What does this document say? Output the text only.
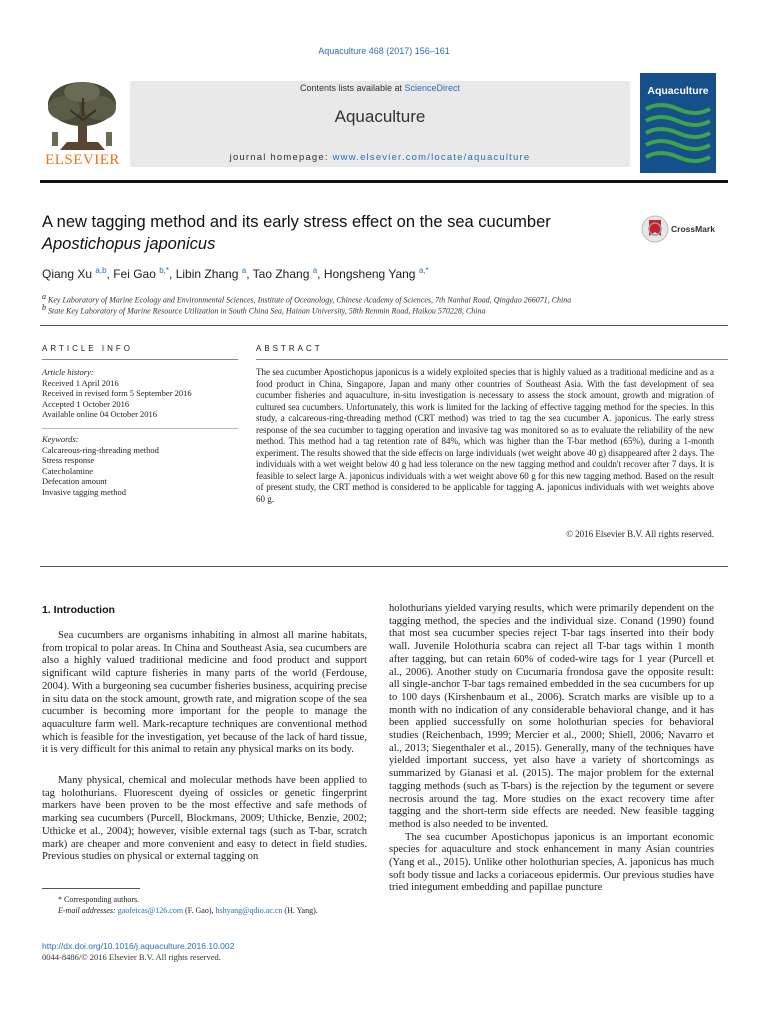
Aquaculture 468 (2017) 156–161
ELSEVIER
Contents lists available at ScienceDirect
Aquaculture
journal homepage: www.elsevier.com/locate/aquaculture
Aquaculture
A new tagging method and its early stress effect on the sea cucumber
Apostichopus japonicus
CrossMark
Qiang Xu $^{a,b}$, Fei Gao $^{b,*}$, Libin Zhang $^a$, Tao Zhang $^a$, Hongsheng Yang $^{a,*}$
$^a$ Key Laboratory of Marine Ecology and Environmental Sciences, Institute of Oceanology, Chinese Academy of Sciences, 7th Nanhai Road, Qingdao 266071, China
$^b$ State Key Laboratory of Marine Resource Utilization in South China Sea, Hainan University, 58th Renmin Road, Haikou 570228, China
ARTICLE INFO	ABSTRACT
Article history:
Received 1 April 2016
Received in revised form 5 September 2016
Accepted 1 October 2016
Available online 04 October 2016
Keywords:
Calcareous-ring-threading method
Stress response
Catecholamine
Defecation amount
Invasive tagging method
The sea cucumber Apostichopus japonicus is a widely exploited species that is highly valued as a traditional medicine and as a food product in China, Singapore, Japan and many other countries of Southeast Asia. With the fast development of sea cucumber fisheries and aquaculture, in-situ investigation is necessary to assess the stock amount, growth and migration of cultured sea cucumbers. Unfortunately, this work is limited for the lacking of effective tagging method for the species. In this study, a calcareous-ring-threading method (CRT method) was tried to tag the sea cucumber A. japonicus. The early stress response of the sea cucumber to tagging operation and invasive tag was monitored so as to evaluate the reliability of the new method. This method had a tag retention rate of 84%, which was higher than the T-bar method (65%), during a 1-month experiment. The results showed that the side effects on large individuals (wet weight above 40 g) disappeared after 2 days. The individuals with a wet weight below 40 g had less tolerance on the new tagging method and couldn't recover after 7 days. It is feasible to select large A. japonicus individuals with a wet weight above 60 g for this new tagging method. Based on the result of present study, the CRT method is considered to be applicable for tagging A. japonicus individuals with wet weights above 60 g.
© 2016 Elsevier B.V. All rights reserved.
1. Introduction

Sea cucumbers are organisms inhabiting in almost all marine habitats, from tropical to polar areas. In China and Southeast Asia, sea cucumbers are also a highly valued traditional medicine and food product and support significant wild capture fisheries in many parts of the world (Ferdouse, 2004). With a burgeoning sea cucumber fisheries business, acquiring precise in situ data on the stock amount, growth rate, and migration scope of the sea cucumber is becoming more important for the people to manage the aquaculture farm well. Mark-recapture techniques are conventional method which is feasible for the investigation, yet because of the lack of hard tissue, it is very difficult for this animal to retain any physical marks on its body.

Many physical, chemical and molecular methods have been applied to tag holothurians. Fluorescent dyeing of ossicles or genetic fingerprint markers have been proven to be the most effective and safe methods of marking sea cucumbers (Purcell, Blockmans, 2009; Uthicke, Benzie, 2002; Uthicke et al., 2004); however, visible external tags (such as T-bar, scratch mark) are cheaper and more convenient and easy to detect in field studies. Previous studies on physical or external tagging on

holothurians yielded varying results, which were primarily dependent on the tagging method, the species and the individual size. Conand (1990) found that most sea cucumber species reject T-bar tags inserted into their body wall. Juvenile Holothuria scabra can reject all T-bar tags within 1 month after tagging, but can retain 60% of coded-wire tags for 1 year (Purcell et al., 2006). Another study on Cucumaria frondosa gave the opposite result: all single-anchor T-bar tags remained embedded in the sea cucumbers for up to 100 days (Kirshenbaum et al., 2006). Scratch marks are visible up to a month with no indication of any considerable behavioral change, and it has been applied successfully on some holothurian species for behavioral studies (Reichenbach, 1999; Mercier et al., 2000; Shiell, 2006; Navarro et al., 2013; Siegenthaler et al., 2015). Generally, many of the techniques have yielded important success, yet also have a variety of shortcomings as summarized by Gianasi et al. (2015). The major problem for the external tagging methods (such as T-bars) is the rejection by the tegument or severe necrosis around the tag. More studies on the exact recovery time after tagging and the short-term side effects are needed. New feasible tagging method is also needed to be invented.

The sea cucumber Apostichopus japonicus is an important economic species for aquaculture and stock enhancement in many Asian countries (Yang et al., 2015). Unlike other holothurian species, A. japonicus has much soft body tissue and lacks a coriaceous epidermis. Our previous studies have tried integument embedding and papillae puncture

* Corresponding authors.
E-mail addresses: gaofeicas@126.com (F. Gao), hshyang@qdio.ac.cn (H. Yang).
http://dx.doi.org/10.1016/j.aquaculture.2016.10.002
0044-8486/© 2016 Elsevier B.V. All rights reserved.
